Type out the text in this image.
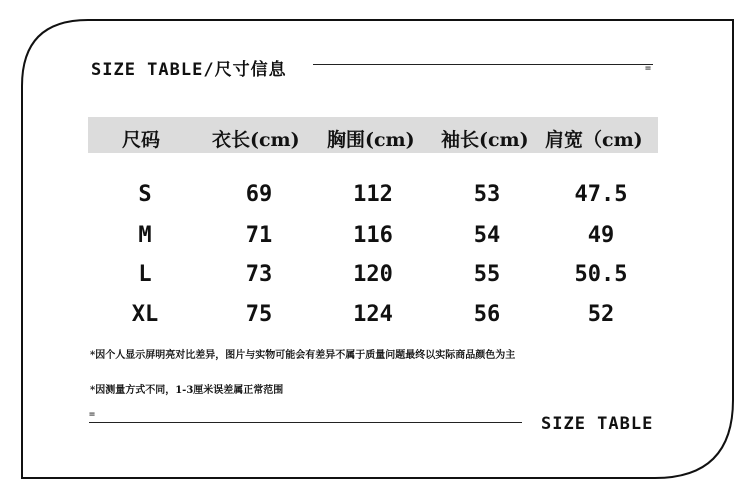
SIZE TABLE/尺寸信息	=
尺码	衣长(cm) 胸围(cm) 袖长(cm) 肩宽（cm)
S	69	112	53	47.5
M	71	116	54	49
L	73	120	55	50.5
XL	75	124	56	52
*因个人显示屏明亮对比差异，图片与实物可能会有差异不属于质量问题最终以实际商品颜色为主
*因测量方式不同，1-3厘米误差属正常范围
=	SIZE TABLE
